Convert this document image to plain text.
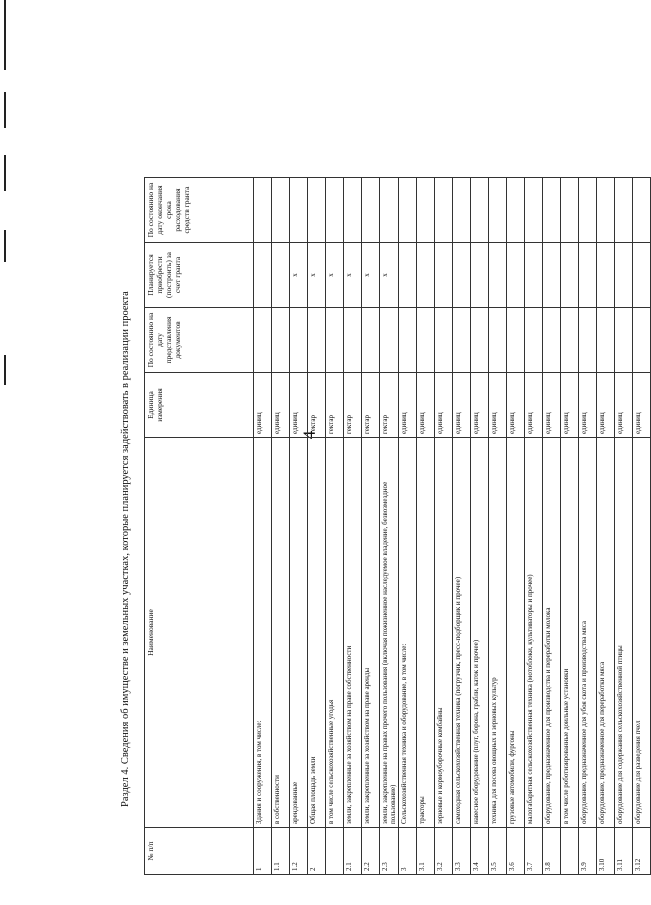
4
Раздел 4. Сведения об имуществе и земельных участках, которые планируется задействовать в реализации проекта
№ п/п	Наименование	Единица измерения	По состоянию на дату представления документов	Планируется приобрести (построить) за счет гранта	По состоянию на дату окончания срока расходования средств гранта
1	Здания и сооружения, в том числе:	единиц			
1.1	в собственности	единиц			
1.2	арендованные	единиц		x	
2	Общая площадь земли	гектар		x	
	в том числе сельскохозяйственные угодья	гектар		x	
2.1	земли, закрепленные за хозяйством на праве собственности	гектар		x	
2.2	земли, закрепленные за хозяйством на праве аренды	гектар		x	
2.3	земли, закрепленные на правах прочего пользования (включая пожизненное наследуемое владение, безвозмездное пользование)	гектар		x	
3	Сельскохозяйственная техника и оборудование, в том числе:	единиц			
3.1	тракторы	единиц			
3.2	зерновые и кормоуборочные комбайны	единиц			
3.3	самоходная сельскохозяйственная техника (погрузчик, пресс-подборщик и прочее)	единиц			
3.4	навесное оборудование (плуг, борона, грабли, каток и прочее)	единиц			
3.5	техника для посева овощных и зерновых культур	единиц			
3.6	грузовые автомобили, фургоны	единиц			
3.7	малогабаритная сельскохозяйственная техника (мотоблоки, культиваторы и прочее)	единиц			
3.8	оборудование, предназначенное для производства и переработки молока	единиц			
	в том числе роботизированные доильные установки	единиц			
3.9	оборудование, предназначенное для убоя скота и производства мяса	единиц			
3.10	оборудование, предназначенное для переработки мяса	единиц			
3.11	оборудование для содержания сельскохозяйственной птицы	единиц			
3.12	оборудование для разведения пчел	единиц			
